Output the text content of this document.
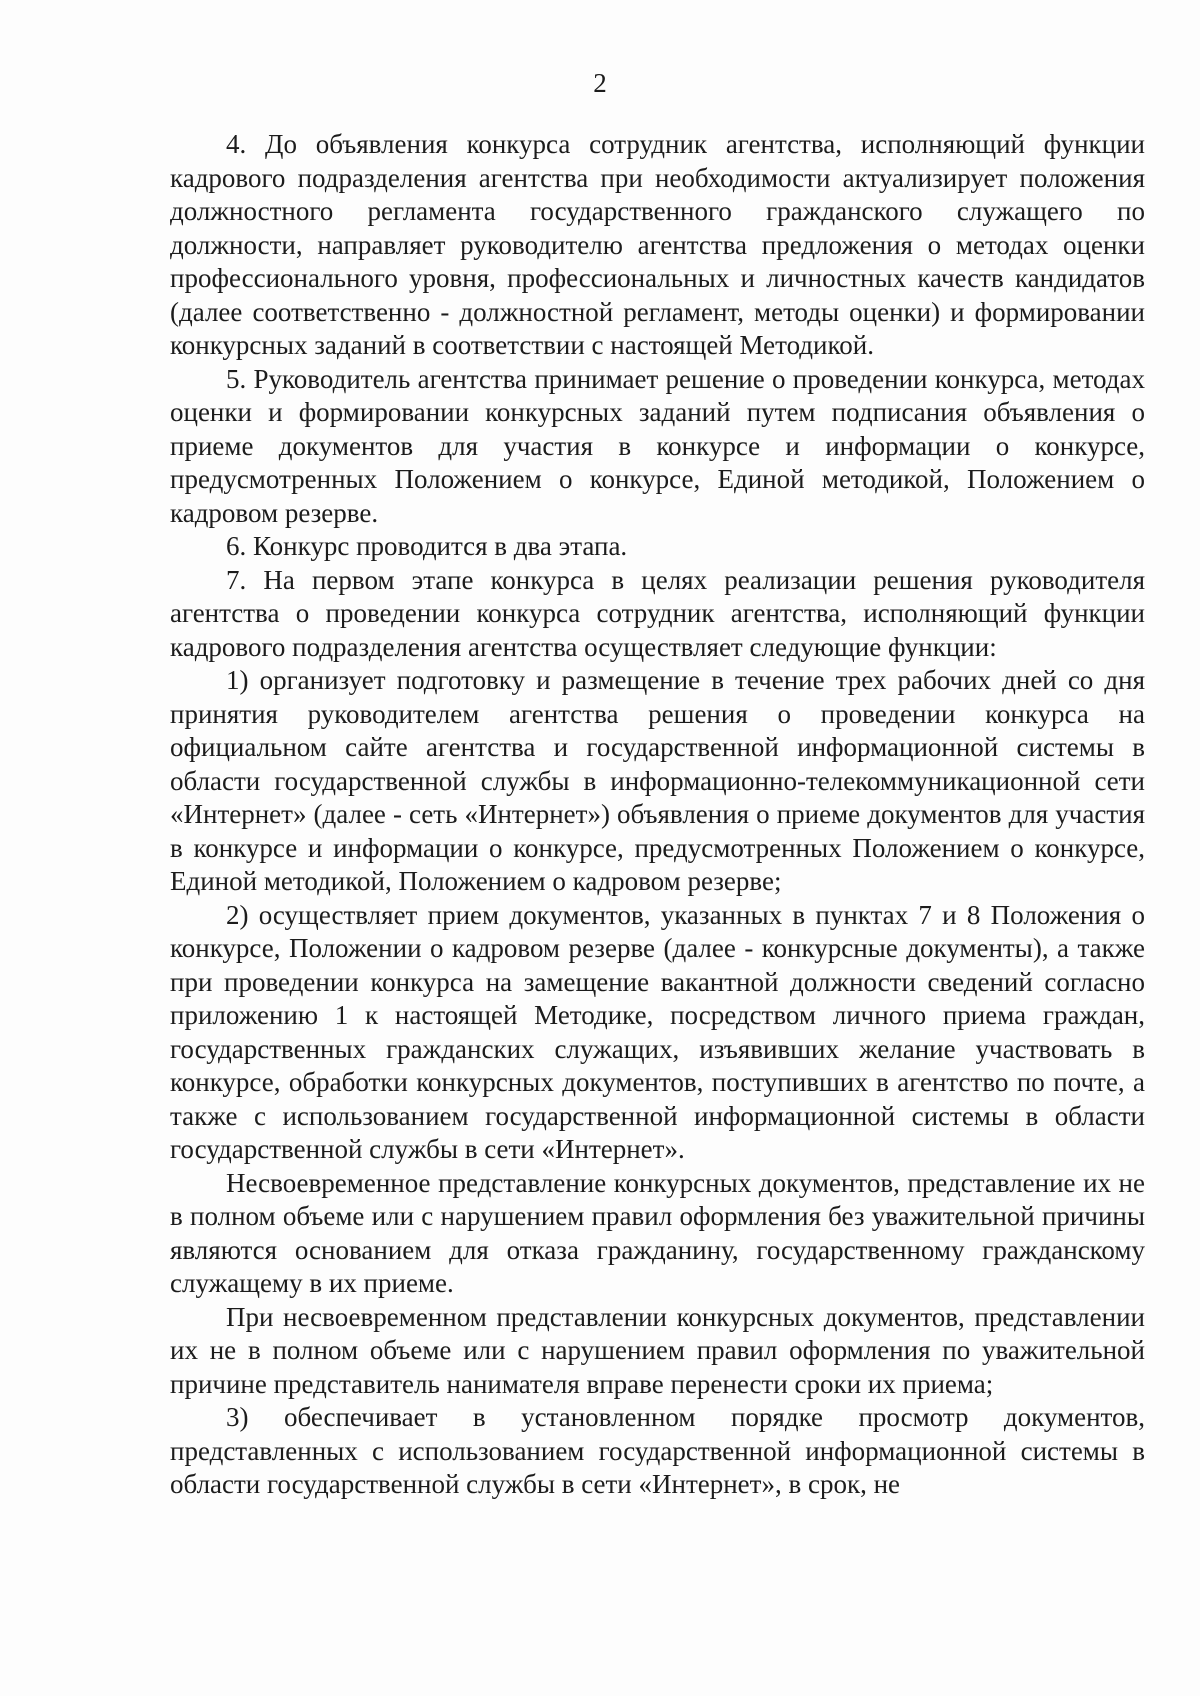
2

4. До объявления конкурса сотрудник агентства, исполняющий функции кадрового подразделения агентства при необходимости актуализирует положения должностного регламента государственного гражданского служащего по должности, направляет руководителю агентства предложения о методах оценки профессионального уровня, профессиональных и личностных качеств кандидатов (далее соответственно - должностной регламент, методы оценки) и формировании конкурсных заданий в соответствии с настоящей Методикой.

5. Руководитель агентства принимает решение о проведении конкурса, методах оценки и формировании конкурсных заданий путем подписания объявления о приеме документов для участия в конкурсе и информации о конкурсе, предусмотренных Положением о конкурсе, Единой методикой, Положением о кадровом резерве.

6. Конкурс проводится в два этапа.

7. На первом этапе конкурса в целях реализации решения руководителя агентства о проведении конкурса сотрудник агентства, исполняющий функции кадрового подразделения агентства осуществляет следующие функции:

1) организует подготовку и размещение в течение трех рабочих дней со дня принятия руководителем агентства решения о проведении конкурса на официальном сайте агентства и государственной информационной системы в области государственной службы в информационно-телекоммуникационной сети «Интернет» (далее - сеть «Интернет») объявления о приеме документов для участия в конкурсе и информации о конкурсе, предусмотренных Положением о конкурсе, Единой методикой, Положением о кадровом резерве;

2) осуществляет прием документов, указанных в пунктах 7 и 8 Положения о конкурсе, Положении о кадровом резерве (далее - конкурсные документы), а также при проведении конкурса на замещение вакантной должности сведений согласно приложению 1 к настоящей Методике, посредством личного приема граждан, государственных гражданских служащих, изъявивших желание участвовать в конкурсе, обработки конкурсных документов, поступивших в агентство по почте, а также с использованием государственной информационной системы в области государственной службы в сети «Интернет».

Несвоевременное представление конкурсных документов, представление их не в полном объеме или с нарушением правил оформления без уважительной причины являются основанием для отказа гражданину, государственному гражданскому служащему в их приеме.

При несвоевременном представлении конкурсных документов, представлении их не в полном объеме или с нарушением правил оформления по уважительной причине представитель нанимателя вправе перенести сроки их приема;

3) обеспечивает в установленном порядке просмотр документов, представленных с использованием государственной информационной системы в области государственной службы в сети «Интернет», в срок, не
